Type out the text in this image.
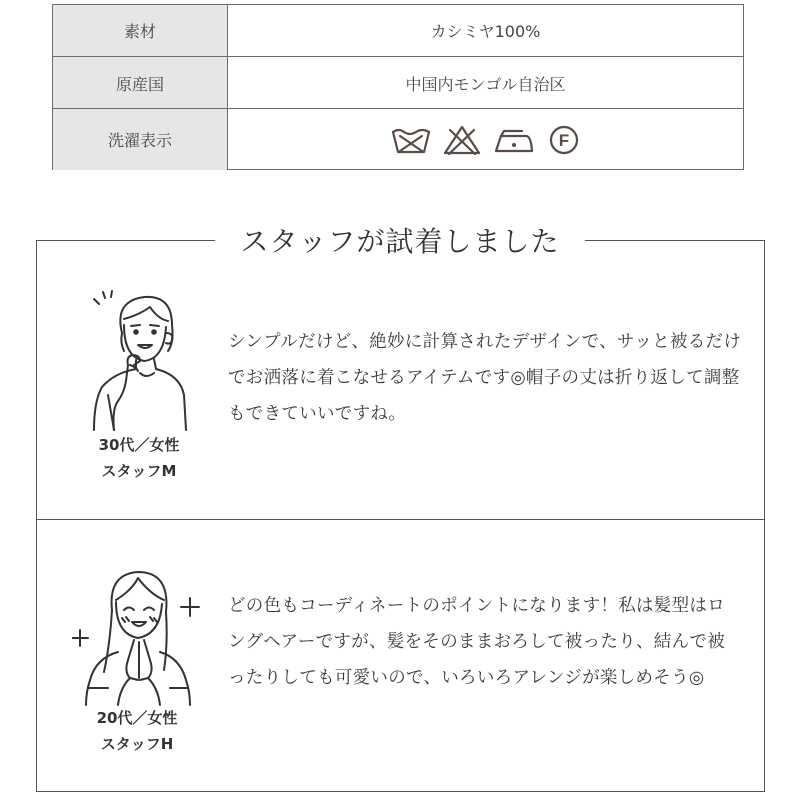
素材	カシミヤ100%
原産国	中国内モンゴル自治区
洗濯表示	F
スタッフが試着しました
30代／女性
スタッフM
シンプルだけど、絶妙に計算されたデザインで、サッと被るだけでお洒落に着こなせるアイテムです◎帽子の丈は折り返して調整もできていいですね。
20代／女性
スタッフH
どの色もコーディネートのポイントになります！私は髪型はロングヘアーですが、髪をそのままおろして被ったり、結んで被ったりしても可愛いので、いろいろアレンジが楽しめそう◎
